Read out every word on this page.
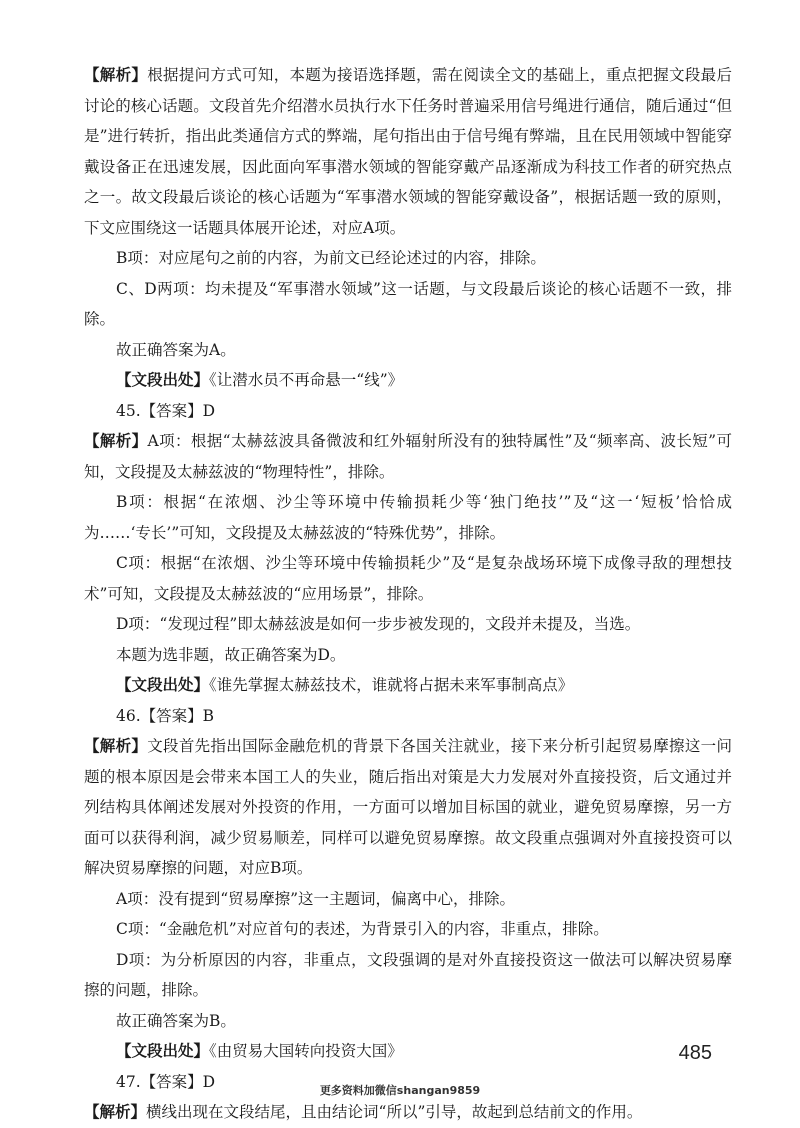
【解析】根据提问方式可知，本题为接语选择题，需在阅读全文的基础上，重点把握文段最后讨论的核心话题。文段首先介绍潜水员执行水下任务时普遍采用信号绳进行通信，随后通过“但是”进行转折，指出此类通信方式的弊端，尾句指出由于信号绳有弊端，且在民用领域中智能穿戴设备正在迅速发展，因此面向军事潜水领域的智能穿戴产品逐渐成为科技工作者的研究热点之一。故文段最后谈论的核心话题为“军事潜水领域的智能穿戴设备”，根据话题一致的原则，下文应围绕这一话题具体展开论述，对应A项。

B项：对应尾句之前的内容，为前文已经论述过的内容，排除。

C、D两项：均未提及“军事潜水领域”这一话题，与文段最后谈论的核心话题不一致，排除。

故正确答案为A。

【文段出处】《让潜水员不再命悬一“线”》

45.【答案】D

【解析】A项：根据“太赫兹波具备微波和红外辐射所没有的独特属性”及“频率高、波长短”可知，文段提及太赫兹波的“物理特性”，排除。

B项：根据“在浓烟、沙尘等环境中传输损耗少等‘独门绝技’”及“这一‘短板’恰恰成为……‘专长’”可知，文段提及太赫兹波的“特殊优势”，排除。

C项：根据“在浓烟、沙尘等环境中传输损耗少”及“是复杂战场环境下成像寻敌的理想技术”可知，文段提及太赫兹波的“应用场景”，排除。

D项：“发现过程”即太赫兹波是如何一步步被发现的，文段并未提及，当选。

本题为选非题，故正确答案为D。

【文段出处】《谁先掌握太赫兹技术，谁就将占据未来军事制高点》

46.【答案】B

【解析】文段首先指出国际金融危机的背景下各国关注就业，接下来分析引起贸易摩擦这一问题的根本原因是会带来本国工人的失业，随后指出对策是大力发展对外直接投资，后文通过并列结构具体阐述发展对外投资的作用，一方面可以增加目标国的就业，避免贸易摩擦，另一方面可以获得利润，减少贸易顺差，同样可以避免贸易摩擦。故文段重点强调对外直接投资可以解决贸易摩擦的问题，对应B项。

A项：没有提到“贸易摩擦”这一主题词，偏离中心，排除。

C项：“金融危机”对应首句的表述，为背景引入的内容，非重点，排除。

D项：为分析原因的内容，非重点，文段强调的是对外直接投资这一做法可以解决贸易摩擦的问题，排除。

故正确答案为B。

【文段出处】《由贸易大国转向投资大国》

47.【答案】D

【解析】横线出现在文段结尾，且由结论词“所以”引导，故起到总结前文的作用。

485
更多资料加微信shangan9859
